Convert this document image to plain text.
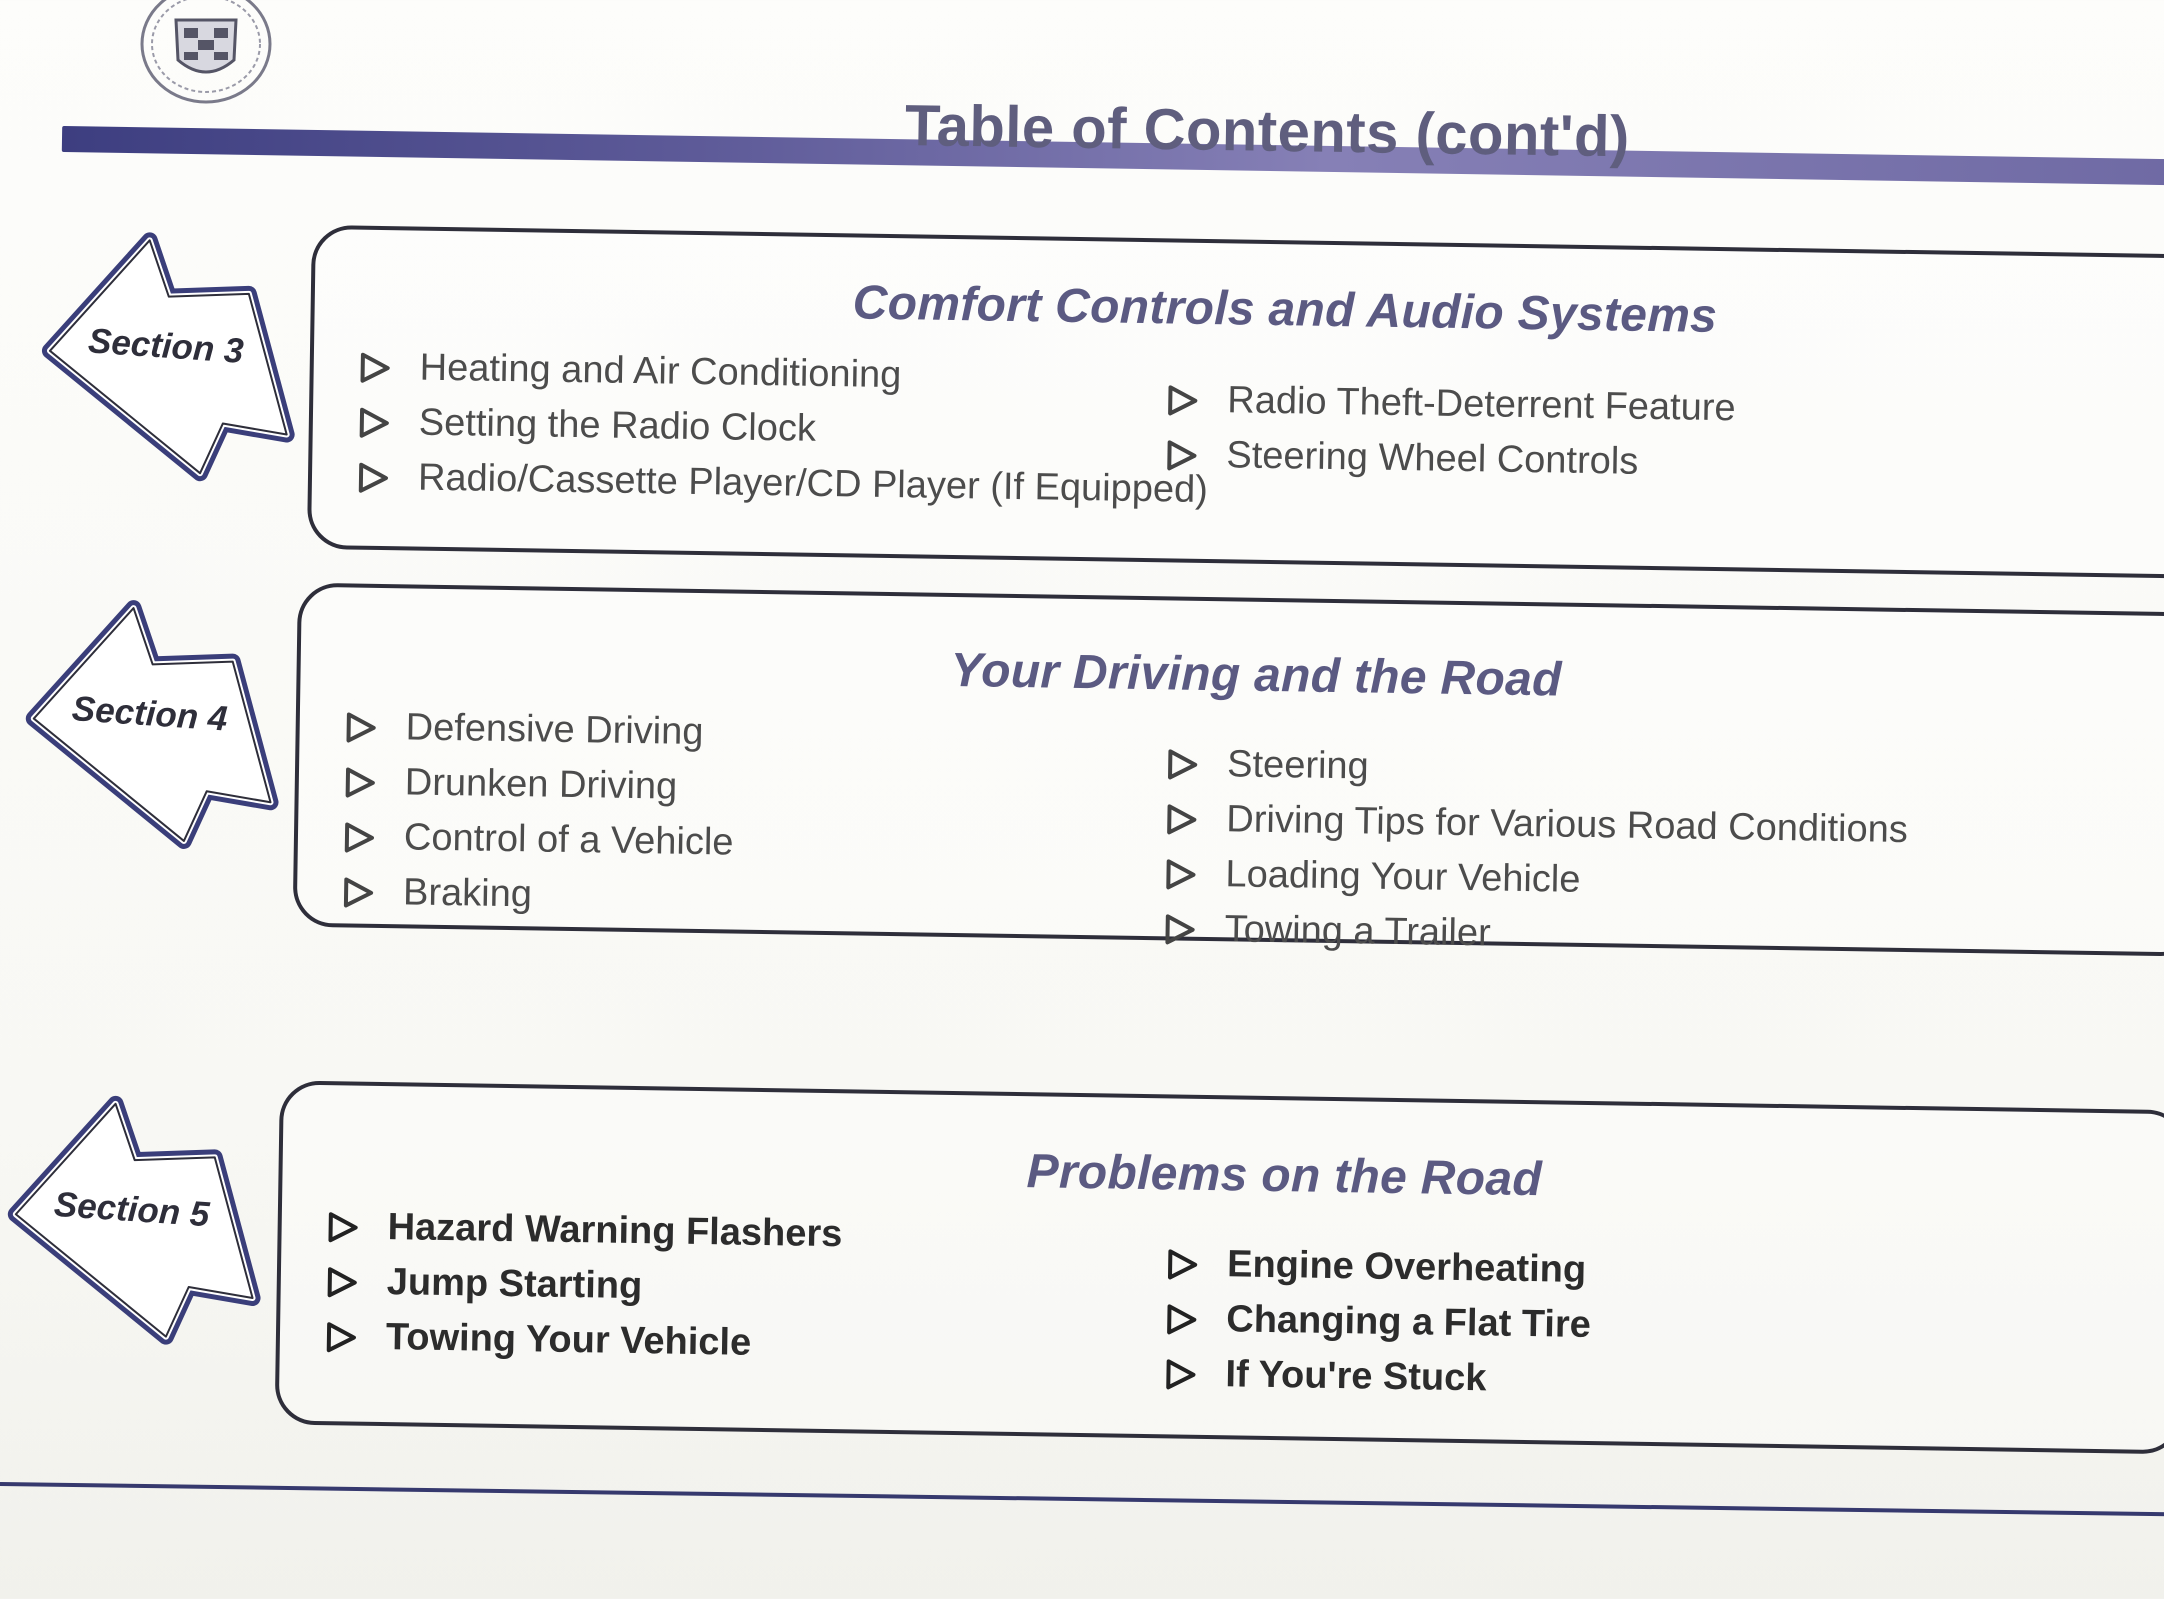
Table of Contents (cont'd)
Section 3
Comfort Controls and Audio Systems
Heating and Air Conditioning
Setting the Radio Clock
Radio/Cassette Player/CD Player (If Equipped)
Radio Theft-Deterrent Feature
Steering Wheel Controls
Section 4
Your Driving and the Road
Defensive Driving
Drunken Driving
Control of a Vehicle
Braking
Steering
Driving Tips for Various Road Conditions
Loading Your Vehicle
Towing a Trailer
Section 5
Problems on the Road
Hazard Warning Flashers
Jump Starting
Towing Your Vehicle
Engine Overheating
Changing a Flat Tire
If You're Stuck
